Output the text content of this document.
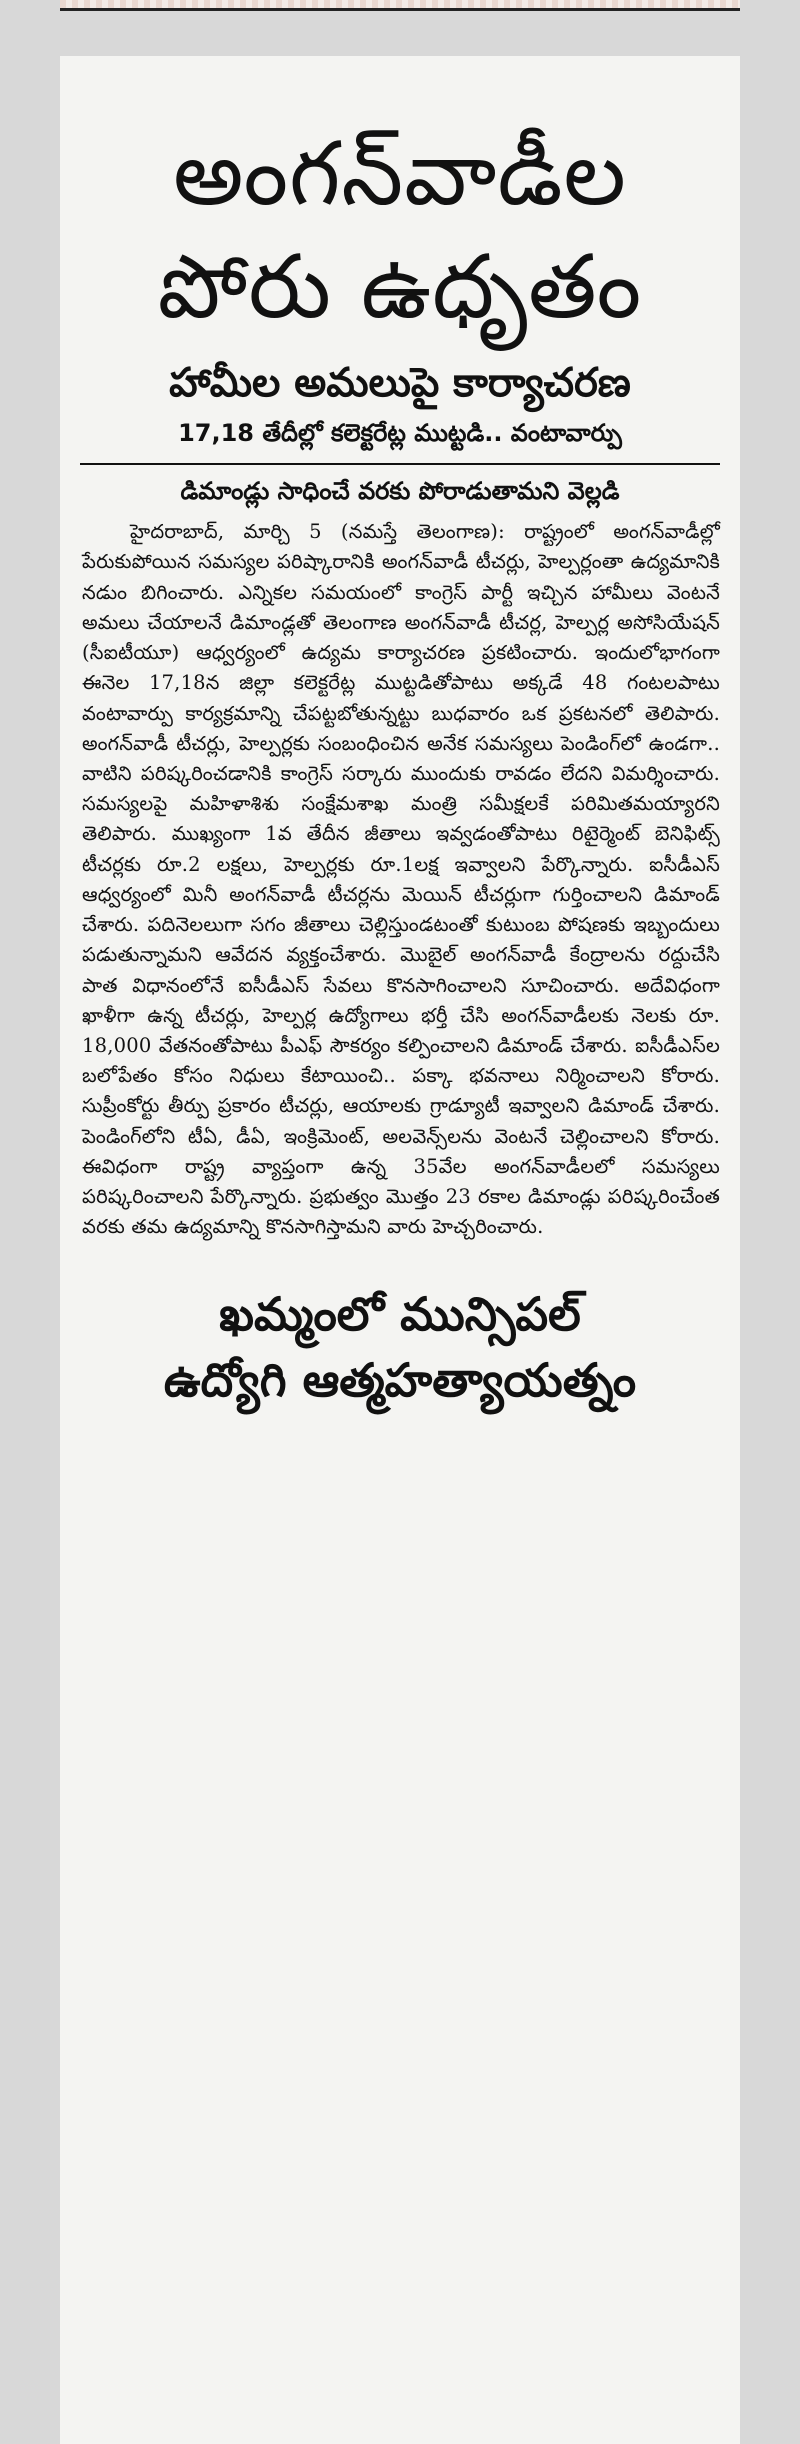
అంగన్‌వాడీల
పోరు ఉధృతం
హామీల అమలుపై కార్యాచరణ
17,18 తేదీల్లో కలెక్టరేట్ల ముట్టడి.. వంటావార్పు
డిమాండ్లు సాధించే వరకు పోరాడుతామని వెల్లడి

హైదరాబాద్, మార్చి 5 (నమస్తే తెలంగాణ): రాష్ట్రంలో అంగన్‌వాడీల్లో పేరుకుపోయిన సమస్యల పరిష్కారానికి అంగన్‌వాడీ టీచర్లు, హెల్పర్లంతా ఉద్యమానికి నడుం బిగించారు. ఎన్నికల సమయంలో కాంగ్రెస్ పార్టీ ఇచ్చిన హామీలు వెంటనే అమలు చేయాలనే డిమాండ్లతో తెలంగాణ అంగన్‌వాడీ టీచర్ల, హెల్పర్ల అసోసియేషన్ (సీఐటీయూ) ఆధ్వర్యంలో ఉద్యమ కార్యాచరణ ప్రకటించారు. ఇందులోభాగంగా ఈనెల 17,18న జిల్లా కలెక్టరేట్ల ముట్టడితోపాటు అక్కడే 48 గంటలపాటు వంటావార్పు కార్యక్రమాన్ని చేపట్టబోతున్నట్టు బుధవారం ఒక ప్రకటనలో తెలిపారు. అంగన్‌వాడీ టీచర్లు, హెల్పర్లకు సంబంధించిన అనేక సమస్యలు పెండింగ్‌లో ఉండగా.. వాటిని పరిష్కరించడానికి కాంగ్రెస్ సర్కారు ముందుకు రావడం లేదని విమర్శించారు. సమస్యలపై మహిళాశిశు సంక్షేమశాఖ మంత్రి సమీక్షలకే పరిమితమయ్యారని తెలిపారు. ముఖ్యంగా 1వ తేదీన జీతాలు ఇవ్వడంతోపాటు రిటైర్మెంట్ బెనిఫిట్స్ టీచర్లకు రూ.2 లక్షలు, హెల్పర్లకు రూ.1లక్ష ఇవ్వాలని పేర్కొన్నారు. ఐసీడీఎస్ ఆధ్వర్యంలో మినీ అంగన్‌వాడీ టీచర్లను మెయిన్ టీచర్లుగా గుర్తించాలని డిమాండ్ చేశారు. పదినెలలుగా సగం జీతాలు చెల్లిస్తుండటంతో కుటుంబ పోషణకు ఇబ్బందులు పడుతున్నామని ఆవేదన వ్యక్తంచేశారు. మొబైల్ అంగన్‌వాడీ కేంద్రాలను రద్దుచేసి పాత విధానంలోనే ఐసీడీఎస్ సేవలు కొనసాగించాలని సూచించారు. అదేవిధంగా ఖాళీగా ఉన్న టీచర్లు, హెల్పర్ల ఉద్యోగాలు భర్తీ చేసి అంగన్‌వాడీలకు నెలకు రూ. 18,000 వేతనంతోపాటు పీఎఫ్ సౌకర్యం కల్పించాలని డిమాండ్ చేశారు. ఐసీడీఎస్‌ల బలోపేతం కోసం నిధులు కేటాయించి.. పక్కా భవనాలు నిర్మించాలని కోరారు. సుప్రీంకోర్టు తీర్పు ప్రకారం టీచర్లు, ఆయాలకు గ్రాడ్యూటీ ఇవ్వాలని డిమాండ్ చేశారు. పెండింగ్‌లోని టీఏ, డీఏ, ఇంక్రిమెంట్, అలవెన్స్‌లను వెంటనే చెల్లించాలని కోరారు. ఈవిధంగా రాష్ట్ర వ్యాప్తంగా ఉన్న 35వేల అంగన్‌వాడీలలో సమస్యలు పరిష్కరించాలని పేర్కొన్నారు. ప్రభుత్వం మొత్తం 23 రకాల డిమాండ్లు పరిష్కరించేంత వరకు తమ ఉద్యమాన్ని కొనసాగిస్తామని వారు హెచ్చరించారు.

ఖమ్మంలో మున్సిపల్
ఉద్యోగి ఆత్మహత్యాయత్నం
